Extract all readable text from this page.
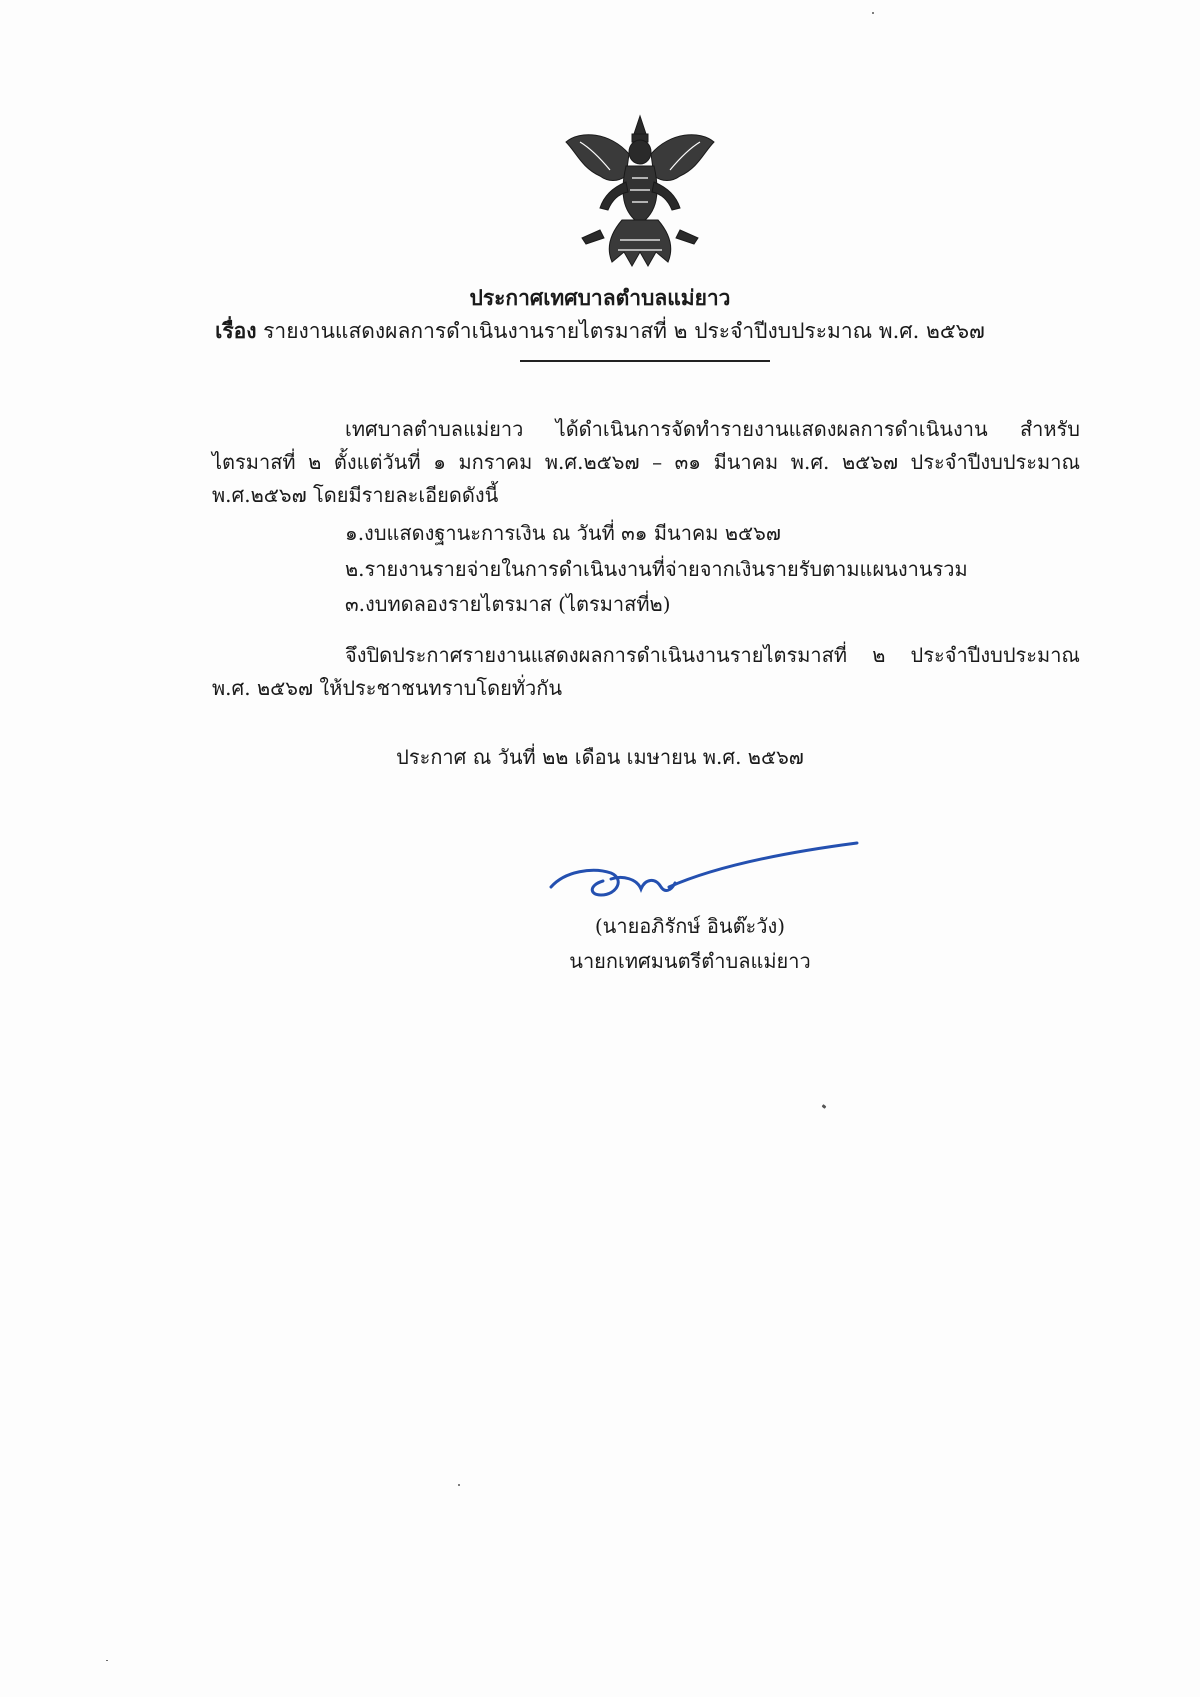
ประกาศเทศบาลตำบลแม่ยาว
เรื่อง รายงานแสดงผลการดำเนินงานรายไตรมาสที่ ๒ ประจำปีงบประมาณ พ.ศ. ๒๕๖๗
เทศบาลตำบลแม่ยาว ได้ดำเนินการจัดทำรายงานแสดงผลการดำเนินงาน สำหรับไตรมาสที่ ๒ ตั้งแต่วันที่ ๑ มกราคม พ.ศ.๒๕๖๗ – ๓๑ มีนาคม พ.ศ. ๒๕๖๗ ประจำปีงบประมาณ พ.ศ.๒๕๖๗ โดยมีรายละเอียดดังนี้
๑.งบแสดงฐานะการเงิน ณ วันที่ ๓๑ มีนาคม ๒๕๖๗
๒.รายงานรายจ่ายในการดำเนินงานที่จ่ายจากเงินรายรับตามแผนงานรวม
๓.งบทดลองรายไตรมาส (ไตรมาสที่๒)
จึงปิดประกาศรายงานแสดงผลการดำเนินงานรายไตรมาสที่ ๒ ประจำปีงบประมาณ พ.ศ. ๒๕๖๗ ให้ประชาชนทราบโดยทั่วกัน
ประกาศ ณ วันที่ ๒๒ เดือน เมษายน พ.ศ. ๒๕๖๗
(นายอภิรักษ์ อินต๊ะวัง)
นายกเทศมนตรีตำบลแม่ยาว
